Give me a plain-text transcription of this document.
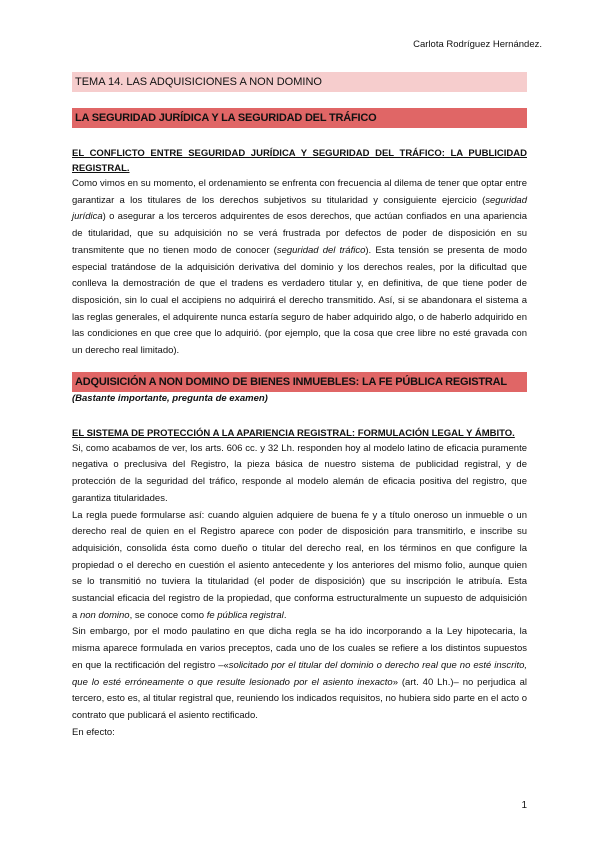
Carlota Rodríguez Hernández.
TEMA 14. LAS ADQUISICIONES A NON DOMINO
LA SEGURIDAD JURÍDICA Y LA SEGURIDAD DEL TRÁFICO

EL CONFLICTO ENTRE SEGURIDAD JURÍDICA Y SEGURIDAD DEL TRÁFICO: LA PUBLICIDAD REGISTRAL.

Como vimos en su momento, el ordenamiento se enfrenta con frecuencia al dilema de tener que optar entre garantizar a los titulares de los derechos subjetivos su titularidad y consiguiente ejercicio (seguridad jurídica) o asegurar a los terceros adquirentes de esos derechos, que actúan confiados en una apariencia de titularidad, que su adquisición no se verá frustrada por defectos de poder de disposición en su transmitente que no tienen modo de conocer (seguridad del tráfico). Esta tensión se presenta de modo especial tratándose de la adquisición derivativa del dominio y los derechos reales, por la dificultad que conlleva la demostración de que el tradens es verdadero titular y, en definitiva, de que tiene poder de disposición, sin lo cual el accipiens no adquirirá el derecho transmitido. Así, si se abandonara el sistema a las reglas generales, el adquirente nunca estaría seguro de haber adquirido algo, o de haberlo adquirido en las condiciones en que cree que lo adquirió. (por ejemplo, que la cosa que cree libre no esté gravada con un derecho real limitado).

ADQUISICIÓN A NON DOMINO DE BIENES INMUEBLES: LA FE PÚBLICA REGISTRAL
(Bastante importante, pregunta de examen)

EL SISTEMA DE PROTECCIÓN A LA APARIENCIA REGISTRAL: FORMULACIÓN LEGAL Y ÁMBITO.

Si, como acabamos de ver, los arts. 606 cc. y 32 Lh. responden hoy al modelo latino de eficacia puramente negativa o preclusiva del Registro, la pieza básica de nuestro sistema de publicidad registral, y de protección de la seguridad del tráfico, responde al modelo alemán de eficacia positiva del registro, que garantiza titularidades.

La regla puede formularse así: cuando alguien adquiere de buena fe y a título oneroso un inmueble o un derecho real de quien en el Registro aparece con poder de disposición para transmitirlo, e inscribe su adquisición, consolida ésta como dueño o titular del derecho real, en los términos en que configure la propiedad o el derecho en cuestión el asiento antecedente y los anteriores del mismo folio, aunque quien se lo transmitió no tuviera la titularidad (el poder de disposición) que su inscripción le atribuía. Esta sustancial eficacia del registro de la propiedad, que conforma estructuralmente un supuesto de adquisición a non domino, se conoce como fe pública registral.

Sin embargo, por el modo paulatino en que dicha regla se ha ido incorporando a la Ley hipotecaria, la misma aparece formulada en varios preceptos, cada uno de los cuales se refiere a los distintos supuestos en que la rectificación del registro –«solicitado por el titular del dominio o derecho real que no esté inscrito, que lo esté erróneamente o que resulte lesionado por el asiento inexacto» (art. 40 Lh.)– no perjudica al tercero, esto es, al titular registral que, reuniendo los indicados requisitos, no hubiera sido parte en el acto o contrato que publicará el asiento rectificado.

En efecto:

1
